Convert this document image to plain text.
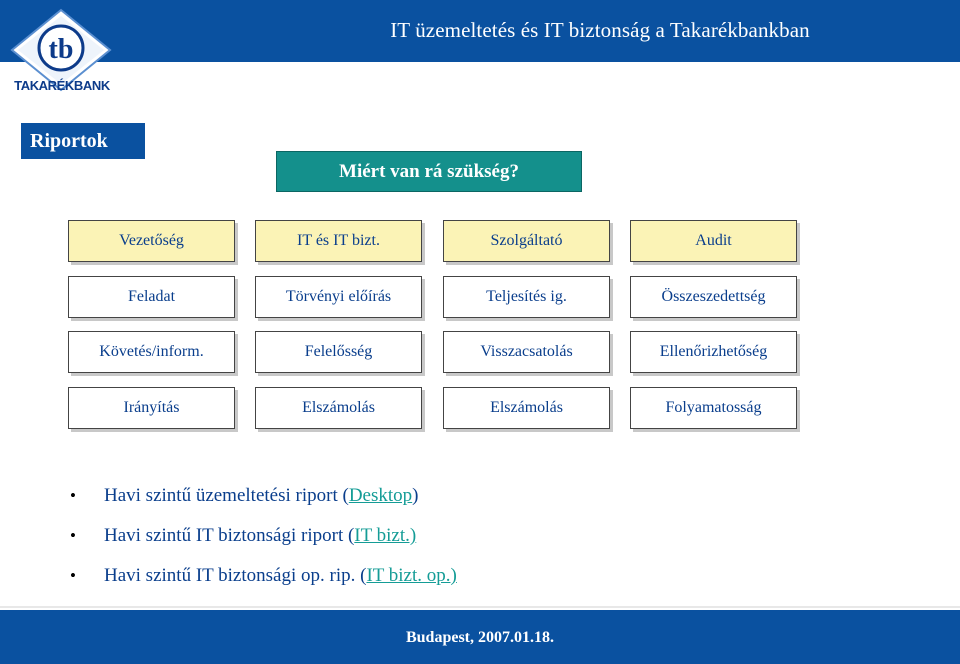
IT üzemeltetés és IT biztonság a Takarékbankban
tb
TAKARÉKBANK
Riportok
Miért van rá szükség?
Vezetőség	IT és IT bizt.	Szolgáltató	Audit
Feladat	Törvényi előírás	Teljesítés ig.	Összeszedettség
Követés/inform.	Felelősség	Visszacsatolás	Ellenőrizhetőség
Irányítás	Elszámolás	Elszámolás	Folyamatosság
• Havi szintű üzemeltetési riport (Desktop)
• Havi szintű IT biztonsági riport (IT bizt.)
• Havi szintű IT biztonsági op. rip. (IT bizt. op.)
Budapest, 2007.01.18.
